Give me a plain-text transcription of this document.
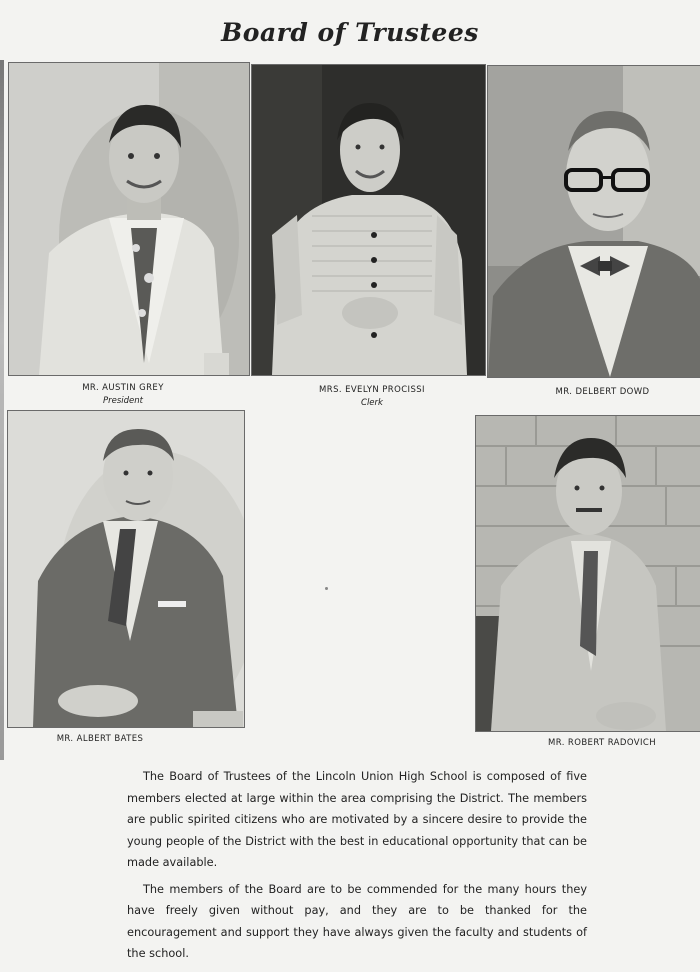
Board of Trustees
MR. AUSTIN GREY
President
MRS. EVELYN PROCISSI
Clerk
MR. DELBERT DOWD
MR. ALBERT BATES	MR. ROBERT RADOVICH

The Board of Trustees of the Lincoln Union High School is composed of five members elected at large within the area comprising the District. The members are public spirited citizens who are motivated by a sincere desire to provide the young people of the District with the best in educational opportunity that can be made available.

The members of the Board are to be commended for the many hours they have freely given without pay, and they are to be thanked for the encouragement and support they have always given the faculty and students of the school.
